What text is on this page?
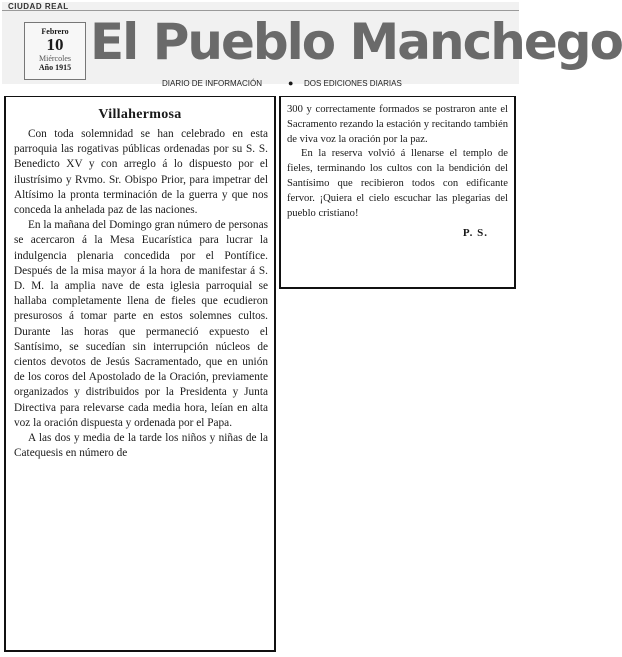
CIUDAD REAL
Febrero
10
Miércoles
Año 1915 El Pueblo Manchego
DIARIO DE INFORMACIÓN	● DOS EDICIONES DIARIAS
Villahermosa

Con toda solemnidad se han celebrado en esta parroquia las rogativas públicas ordenadas por su S. S. Benedicto XV y con arreglo á lo dispuesto por el ilustrísimo y Rvmo. Sr. Obispo Prior, para impetrar del Altísimo la pronta terminación de la guerra y que nos conceda la anhelada paz de las naciones.

En la mañana del Domingo gran número de personas se acercaron á la Mesa Eucarística para lucrar la indulgencia plenaria concedida por el Pontífice. Después de la misa mayor á la hora de manifestar á S. D. M. la amplia nave de esta iglesia parroquial se hallaba completamente llena de fieles que ecudieron presurosos á tomar parte en estos solemnes cultos. Durante las horas que permaneció expuesto el Santísimo, se sucedían sin interrupción núcleos de cientos devotos de Jesús Sacramentado, que en unión de los coros del Apostolado de la Oración, previamente organizados y distribuidos por la Presidenta y Junta Directiva para relevarse cada media hora, leían en alta voz la oración dispuesta y ordenada por el Papa.

A las dos y media de la tarde los niños y niñas de la Catequesis en número de

300 y correctamente formados se postraron ante el Sacramento rezando la estación y recitando también de viva voz la oración por la paz.

En la reserva volvió á llenarse el templo de fieles, terminando los cultos con la bendición del Santísimo que recibieron todos con edificante fervor. ¡Quiera el cielo escuchar las plegarias del pueblo cristiano!

P. S.
